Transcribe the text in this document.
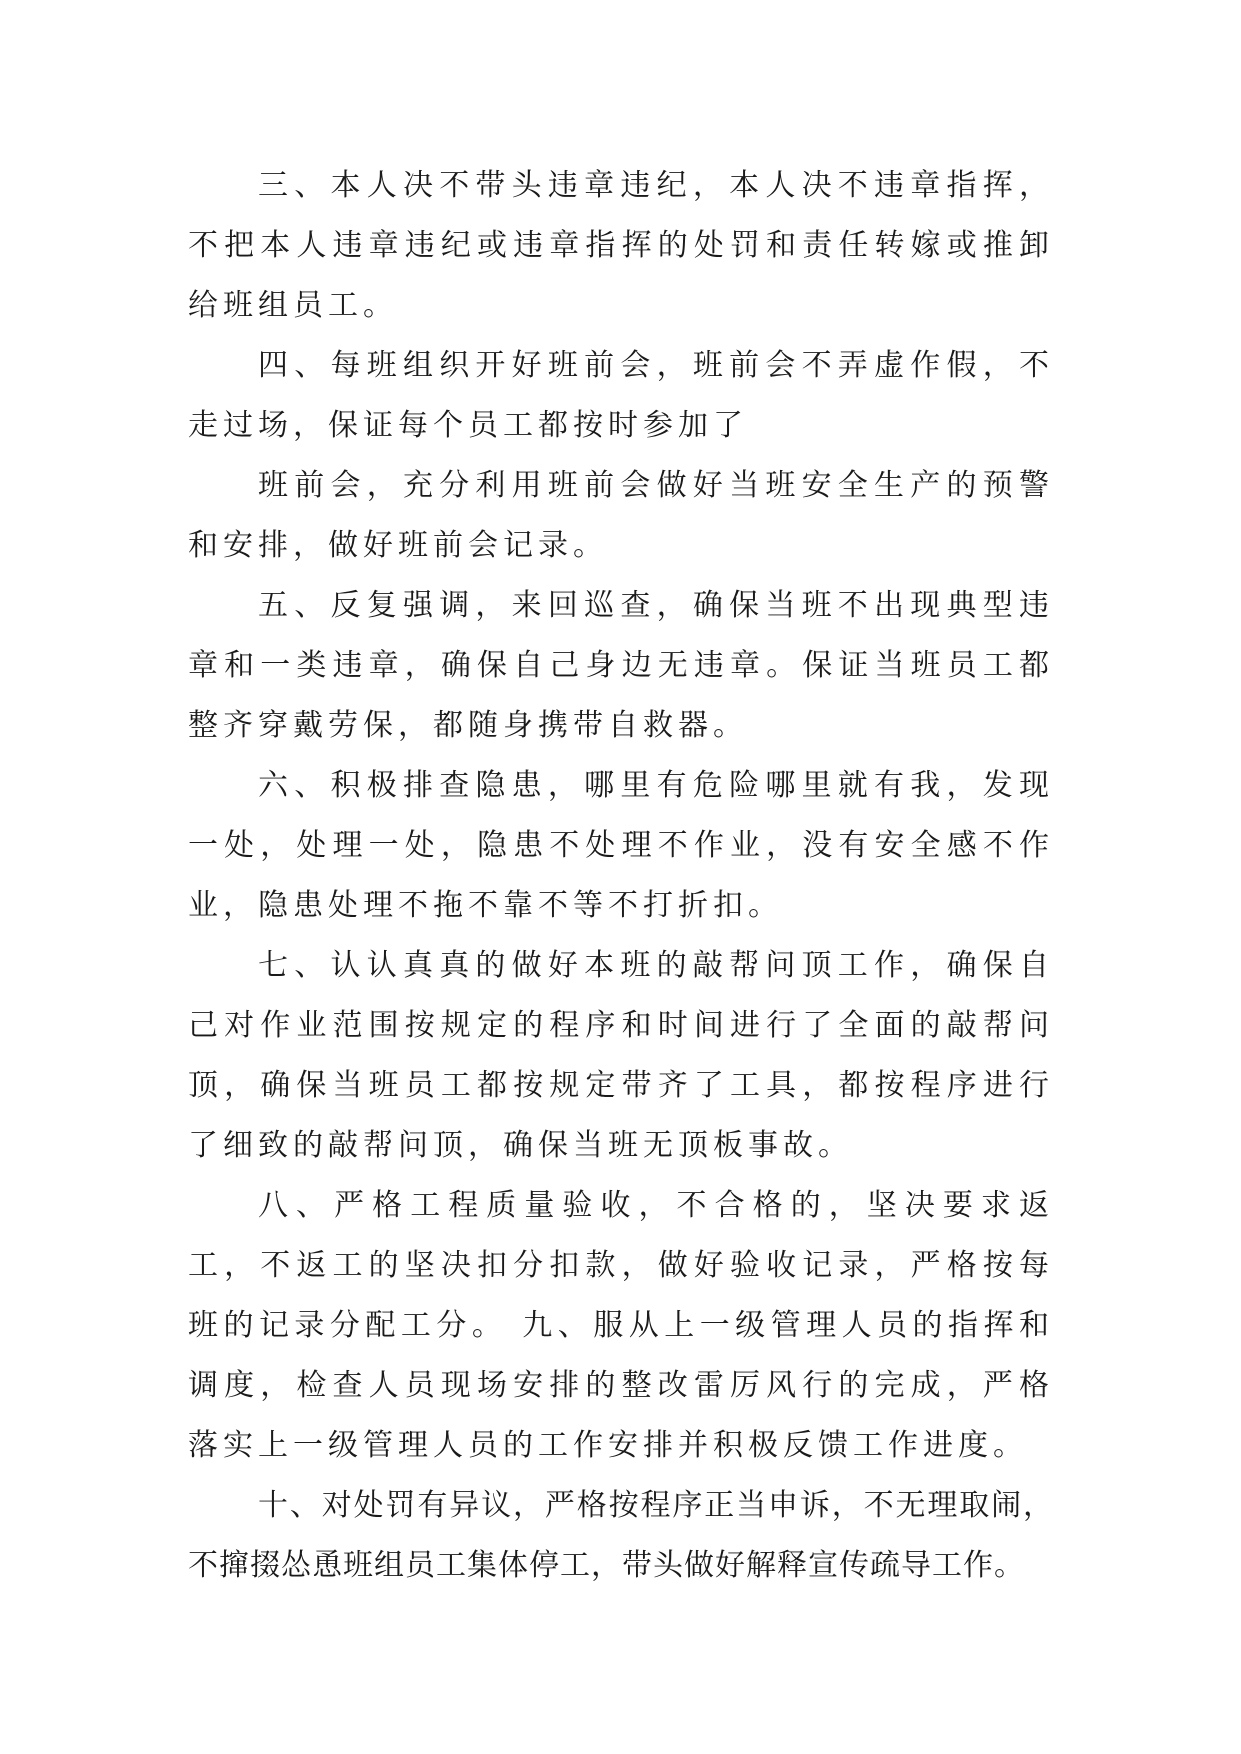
三、本人决不带头违章违纪，本人决不违章指挥，不把本人违章违纪或违章指挥的处罚和责任转嫁或推卸给班组员工。

四、每班组织开好班前会，班前会不弄虚作假，不走过场，保证每个员工都按时参加了

班前会，充分利用班前会做好当班安全生产的预警和安排，做好班前会记录。

五、反复强调，来回巡查，确保当班不出现典型违章和一类违章，确保自己身边无违章。保证当班员工都整齐穿戴劳保，都随身携带自救器。

六、积极排查隐患，哪里有危险哪里就有我，发现一处，处理一处，隐患不处理不作业，没有安全感不作业，隐患处理不拖不靠不等不打折扣。

七、认认真真的做好本班的敲帮问顶工作，确保自己对作业范围按规定的程序和时间进行了全面的敲帮问顶，确保当班员工都按规定带齐了工具，都按程序进行了细致的敲帮问顶，确保当班无顶板事故。

八、严格工程质量验收，不合格的，坚决要求返工，不返工的坚决扣分扣款，做好验收记录，严格按每班的记录分配工分。 九、服从上一级管理人员的指挥和调度，检查人员现场安排的整改雷厉风行的完成，严格落实上一级管理人员的工作安排并积极反馈工作进度。

十、对处罚有异议，严格按程序正当申诉，不无理取闹，不撺掇怂恿班组员工集体停工，带头做好解释宣传疏导工作。
